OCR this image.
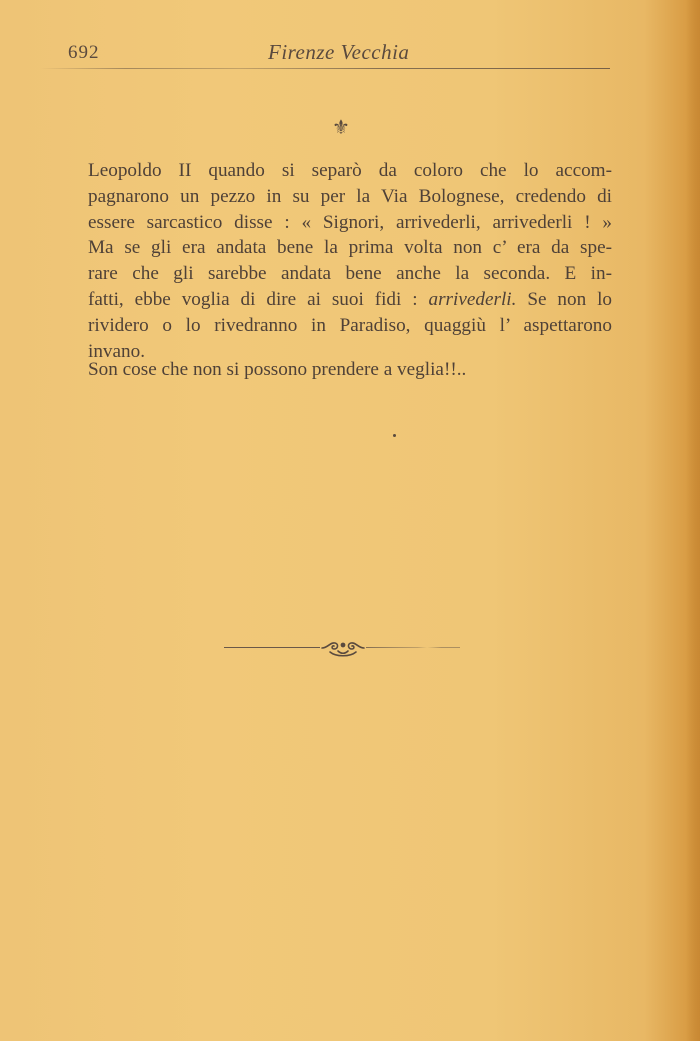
692	Firenze Vecchia
⚜

Leopoldo II quando si separò da coloro che lo accom-

pagnarono un pezzo in su per la Via Bolognese, credendo di

essere sarcastico disse : « Signori, arrivederli, arrivederli ! »

Ma se gli era andata bene la prima volta non c’ era da spe-

rare che gli sarebbe andata bene anche la seconda. E in-

fatti, ebbe voglia di dire ai suoi fidi : arrivederli. Se non lo

rividero o lo rivedranno in Paradiso, quaggiù l’ aspettarono

invano.

Son cose che non si possono prendere a veglia!!..
